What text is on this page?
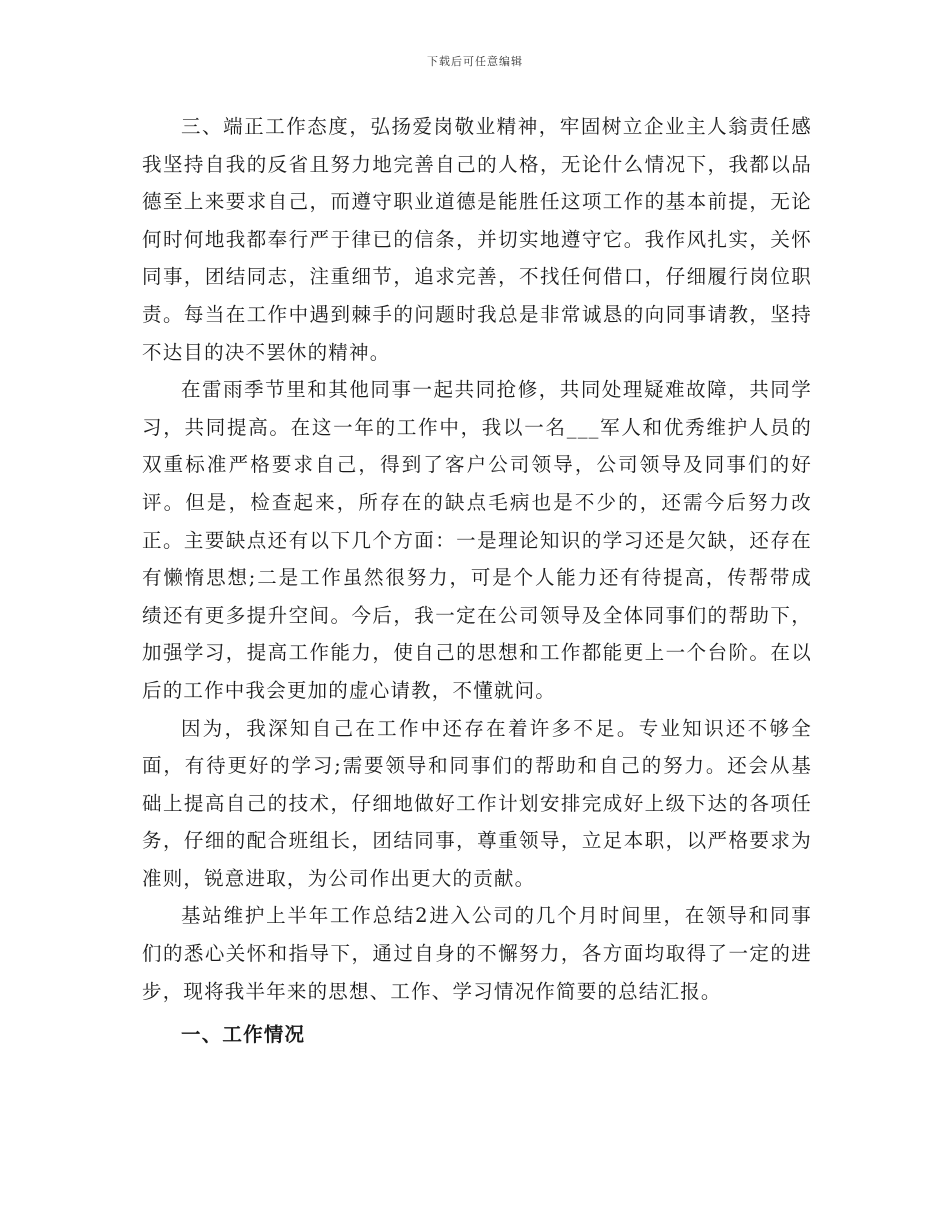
下载后可任意编辑

三、端正工作态度，弘扬爱岗敬业精神，牢固树立企业主人翁责任感我坚持自我的反省且努力地完善自己的人格，无论什么情况下，我都以品德至上来要求自己，而遵守职业道德是能胜任这项工作的基本前提，无论何时何地我都奉行严于律已的信条，并切实地遵守它。我作风扎实，关怀同事，团结同志，注重细节，追求完善，不找任何借口，仔细履行岗位职责。每当在工作中遇到棘手的问题时我总是非常诚恳的向同事请教，坚持不达目的决不罢休的精神。

在雷雨季节里和其他同事一起共同抢修，共同处理疑难故障，共同学习，共同提高。在这一年的工作中，我以一名___军人和优秀维护人员的双重标准严格要求自己，得到了客户公司领导，公司领导及同事们的好评。但是，检查起来，所存在的缺点毛病也是不少的，还需今后努力改正。主要缺点还有以下几个方面：一是理论知识的学习还是欠缺，还存在有懒惰思想;二是工作虽然很努力，可是个人能力还有待提高，传帮带成绩还有更多提升空间。今后，我一定在公司领导及全体同事们的帮助下，加强学习，提高工作能力，使自己的思想和工作都能更上一个台阶。在以后的工作中我会更加的虚心请教，不懂就问。

因为，我深知自己在工作中还存在着许多不足。专业知识还不够全面，有待更好的学习;需要领导和同事们的帮助和自己的努力。还会从基础上提高自己的技术，仔细地做好工作计划安排完成好上级下达的各项任务，仔细的配合班组长，团结同事，尊重领导，立足本职，以严格要求为准则，锐意进取，为公司作出更大的贡献。

基站维护上半年工作总结2进入公司的几个月时间里，在领导和同事们的悉心关怀和指导下，通过自身的不懈努力，各方面均取得了一定的进步，现将我半年来的思想、工作、学习情况作简要的总结汇报。

一、工作情况
